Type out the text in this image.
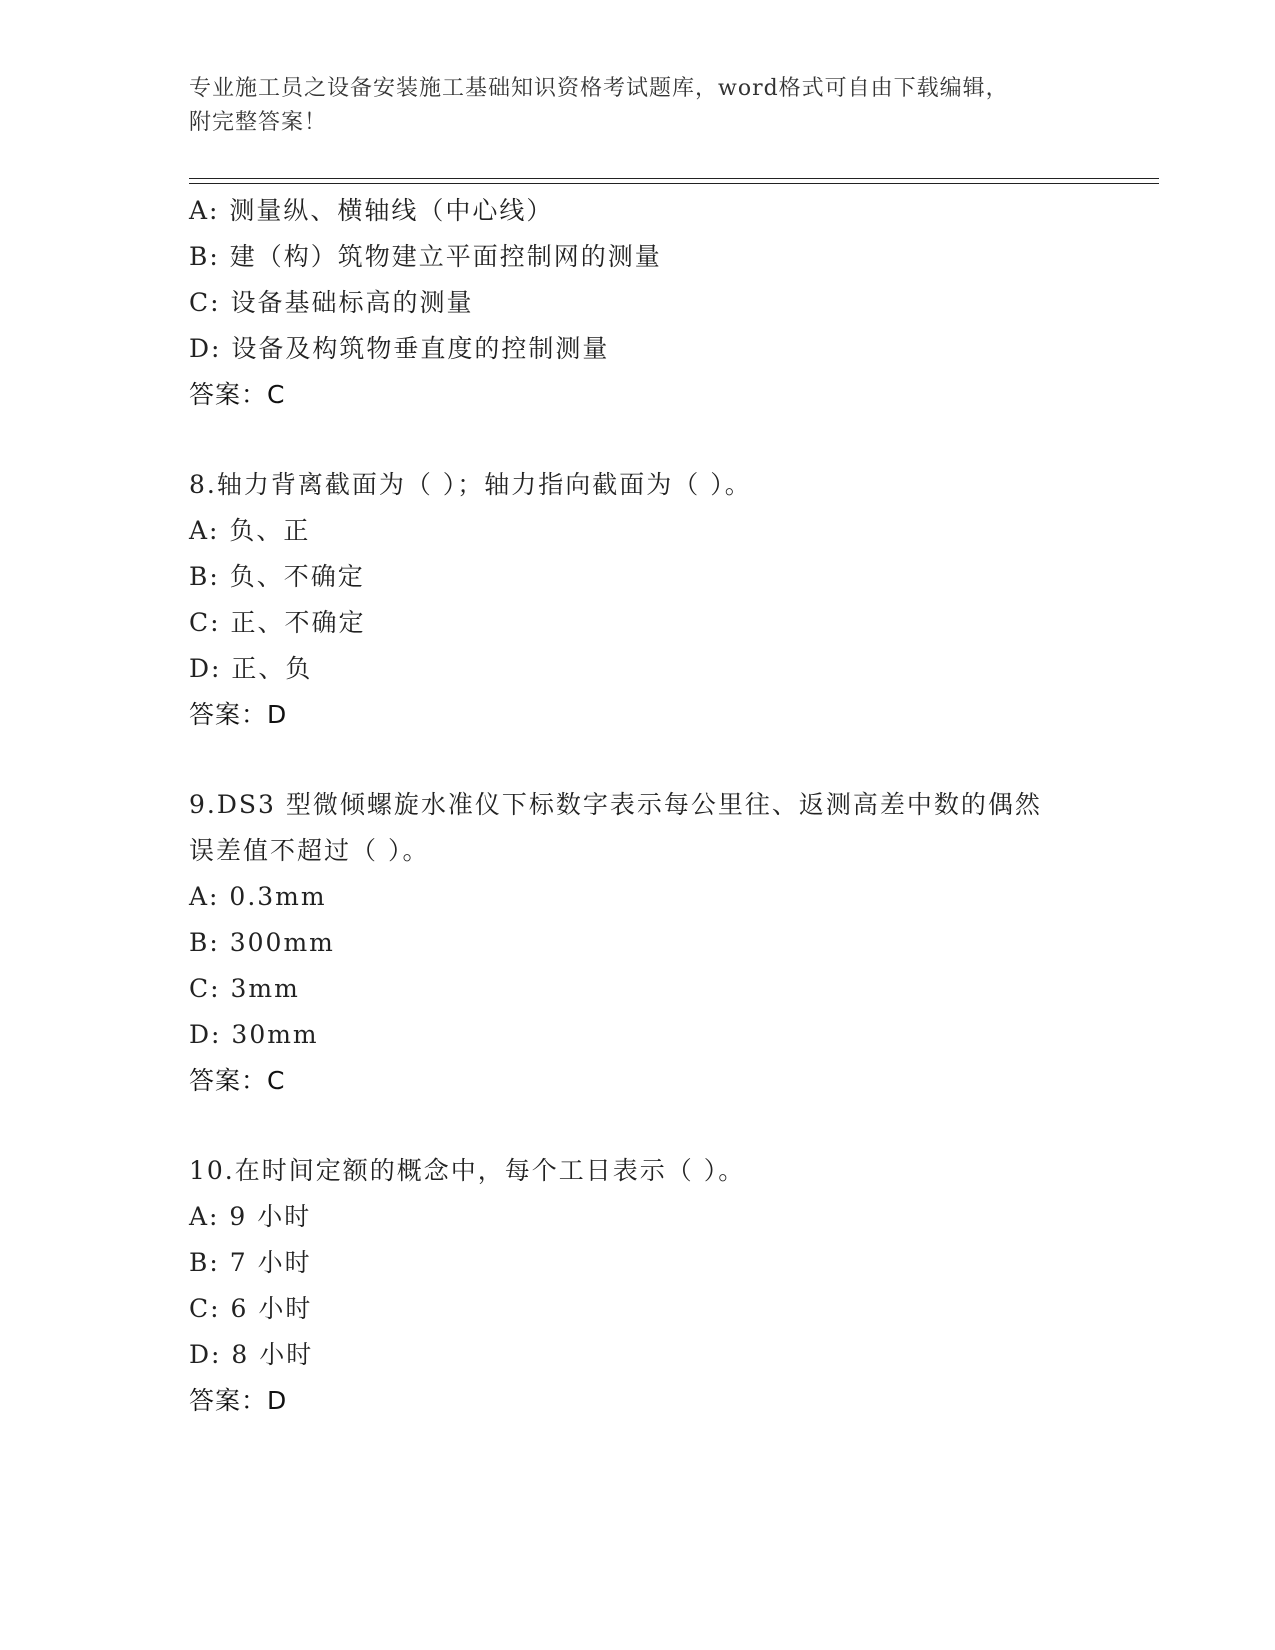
专业施工员之设备安装施工基础知识资格考试题库，word格式可自由下载编辑，
附完整答案！
A: 测量纵、横轴线（中心线）
B: 建（构）筑物建立平面控制网的测量
C: 设备基础标高的测量
D: 设备及构筑物垂直度的控制测量
答案：C
8.轴力背离截面为（ ）；轴力指向截面为（ ）。
A: 负、正
B: 负、不确定
C: 正、不确定
D: 正、负
答案：D
9.DS3 型微倾螺旋水准仪下标数字表示每公里往、返测高差中数的偶然
误差值不超过（ ）。
A: 0.3mm
B: 300mm
C: 3mm
D: 30mm
答案：C
10.在时间定额的概念中，每个工日表示（ ）。
A: 9 小时
B: 7 小时
C: 6 小时
D: 8 小时
答案：D
